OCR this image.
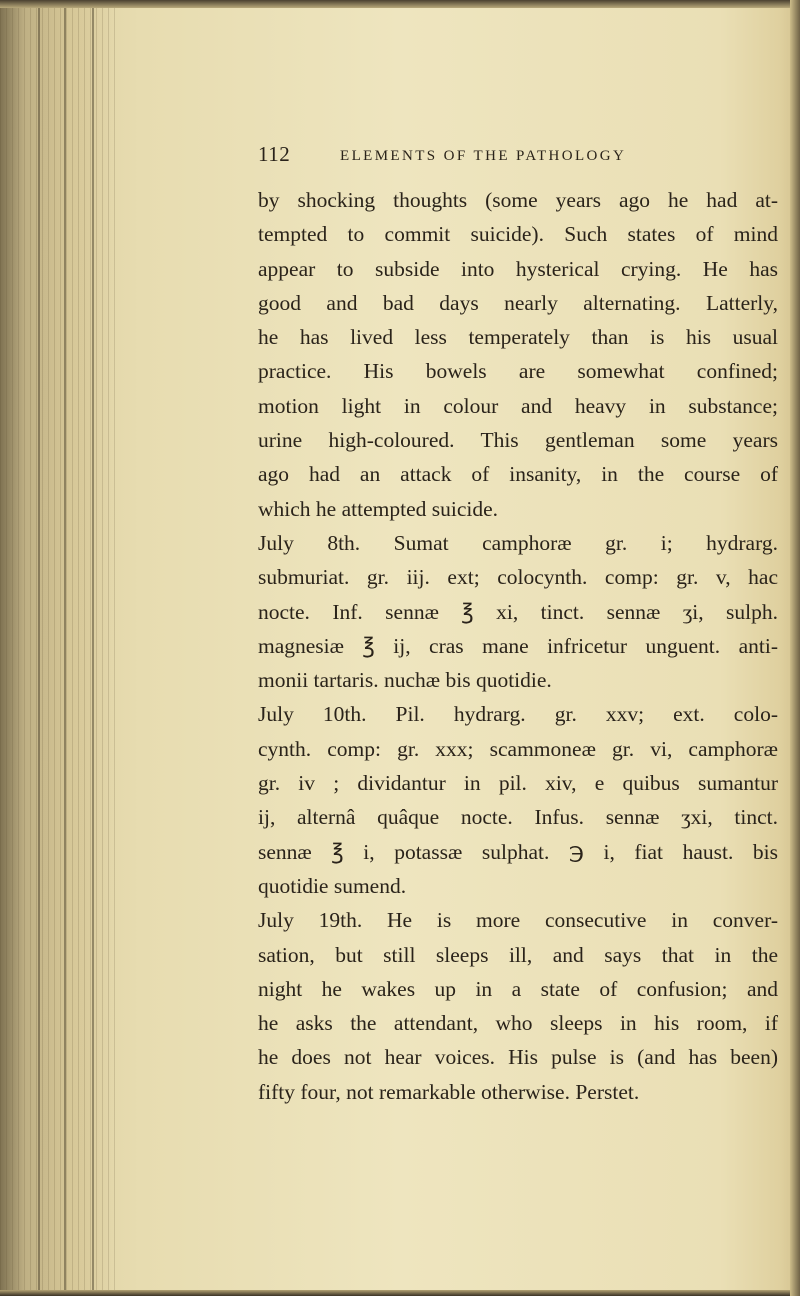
112	ELEMENTS OF THE PATHOLOGY
by shocking thoughts (some years ago he had at-
tempted to commit suicide). Such states of mind
appear to subside into hysterical crying. He has
good and bad days nearly alternating. Latterly,
he has lived less temperately than is his usual
practice. His bowels are somewhat confined;
motion light in colour and heavy in substance;
urine high-coloured. This gentleman some years
ago had an attack of insanity, in the course of
which he attempted suicide.
July 8th. Sumat camphoræ gr. i; hydrarg.
submuriat. gr. iij. ext; colocynth. comp: gr. v, hac
nocte. Inf. sennæ ℥ xi, tinct. sennæ ʒi, sulph.
magnesiæ ℥ ij, cras mane infricetur unguent. anti-
monii tartaris. nuchæ bis quotidie.
July 10th. Pil. hydrarg. gr. xxv; ext. colo-
cynth. comp: gr. xxx; scammoneæ gr. vi, camphoræ
gr. iv ; dividantur in pil. xiv, e quibus sumantur
ij, alternâ quâque nocte. Infus. sennæ ʒxi, tinct.
sennæ ℥ i, potassæ sulphat. ℈ i, fiat haust. bis
quotidie sumend.
July 19th. He is more consecutive in conver-
sation, but still sleeps ill, and says that in the
night he wakes up in a state of confusion; and
he asks the attendant, who sleeps in his room, if
he does not hear voices. His pulse is (and has been)
fifty four, not remarkable otherwise. Perstet.
